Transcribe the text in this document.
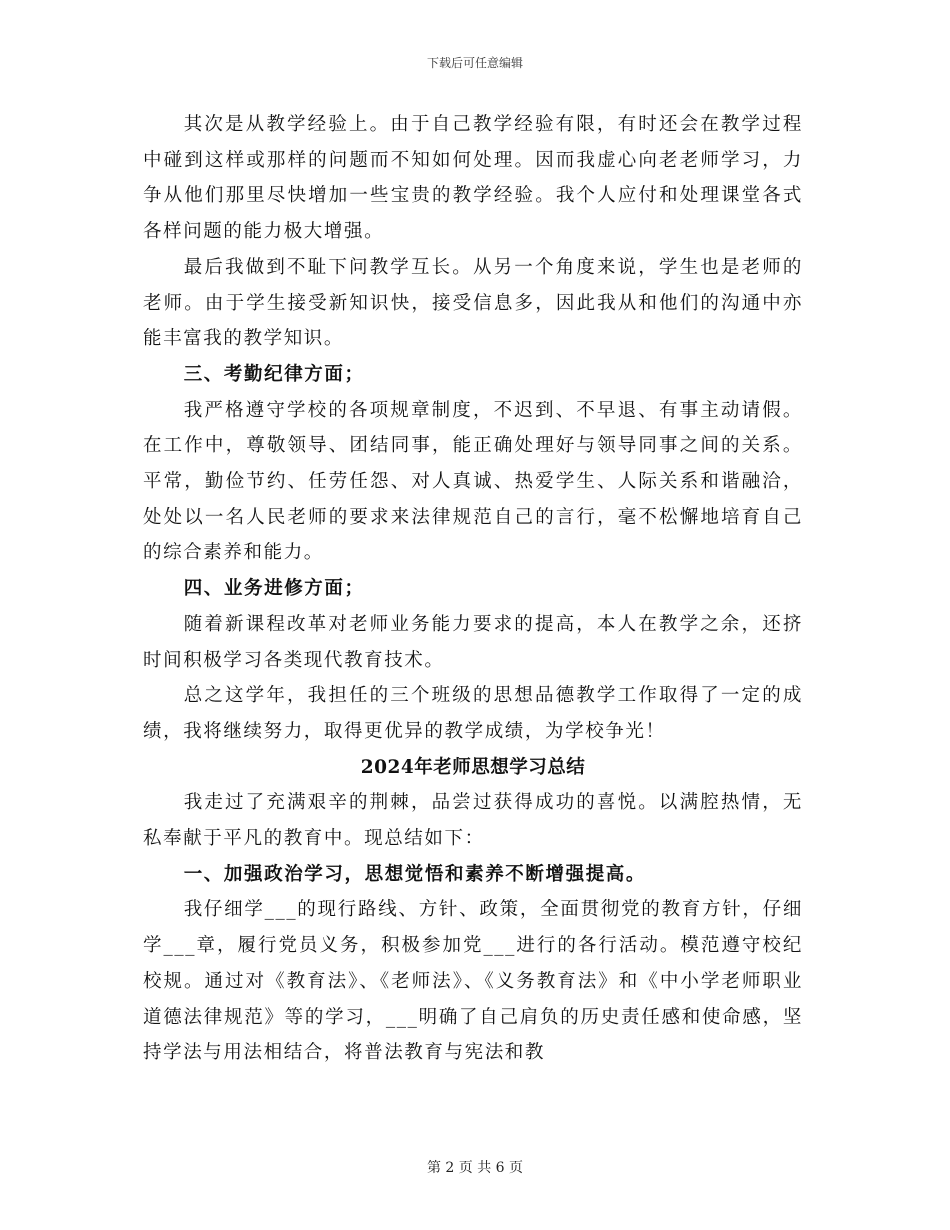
下载后可任意编辑

其次是从教学经验上。由于自己教学经验有限，有时还会在教学过程中碰到这样或那样的问题而不知如何处理。因而我虚心向老老师学习，力争从他们那里尽快增加一些宝贵的教学经验。我个人应付和处理课堂各式各样问题的能力极大增强。

最后我做到不耻下问教学互长。从另一个角度来说，学生也是老师的老师。由于学生接受新知识快，接受信息多，因此我从和他们的沟通中亦能丰富我的教学知识。

三、考勤纪律方面；

我严格遵守学校的各项规章制度，不迟到、不早退、有事主动请假。在工作中，尊敬领导、团结同事，能正确处理好与领导同事之间的关系。平常，勤俭节约、任劳任怨、对人真诚、热爱学生、人际关系和谐融洽，处处以一名人民老师的要求来法律规范自己的言行，毫不松懈地培育自己的综合素养和能力。

四、业务进修方面；

随着新课程改革对老师业务能力要求的提高，本人在教学之余，还挤时间积极学习各类现代教育技术。

总之这学年，我担任的三个班级的思想品德教学工作取得了一定的成绩，我将继续努力，取得更优异的教学成绩，为学校争光！

2024年老师思想学习总结

我走过了充满艰辛的荆棘，品尝过获得成功的喜悦。以满腔热情，无私奉献于平凡的教育中。现总结如下：

一、加强政治学习，思想觉悟和素养不断增强提高。

我仔细学___的现行路线、方针、政策，全面贯彻党的教育方针，仔细学___章，履行党员义务，积极参加党___进行的各行活动。模范遵守校纪校规。通过对《教育法》、《老师法》、《义务教育法》和《中小学老师职业道德法律规范》等的学习，___明确了自己肩负的历史责任感和使命感，坚持学法与用法相结合，将普法教育与宪法和教

第 2 页 共 6 页
